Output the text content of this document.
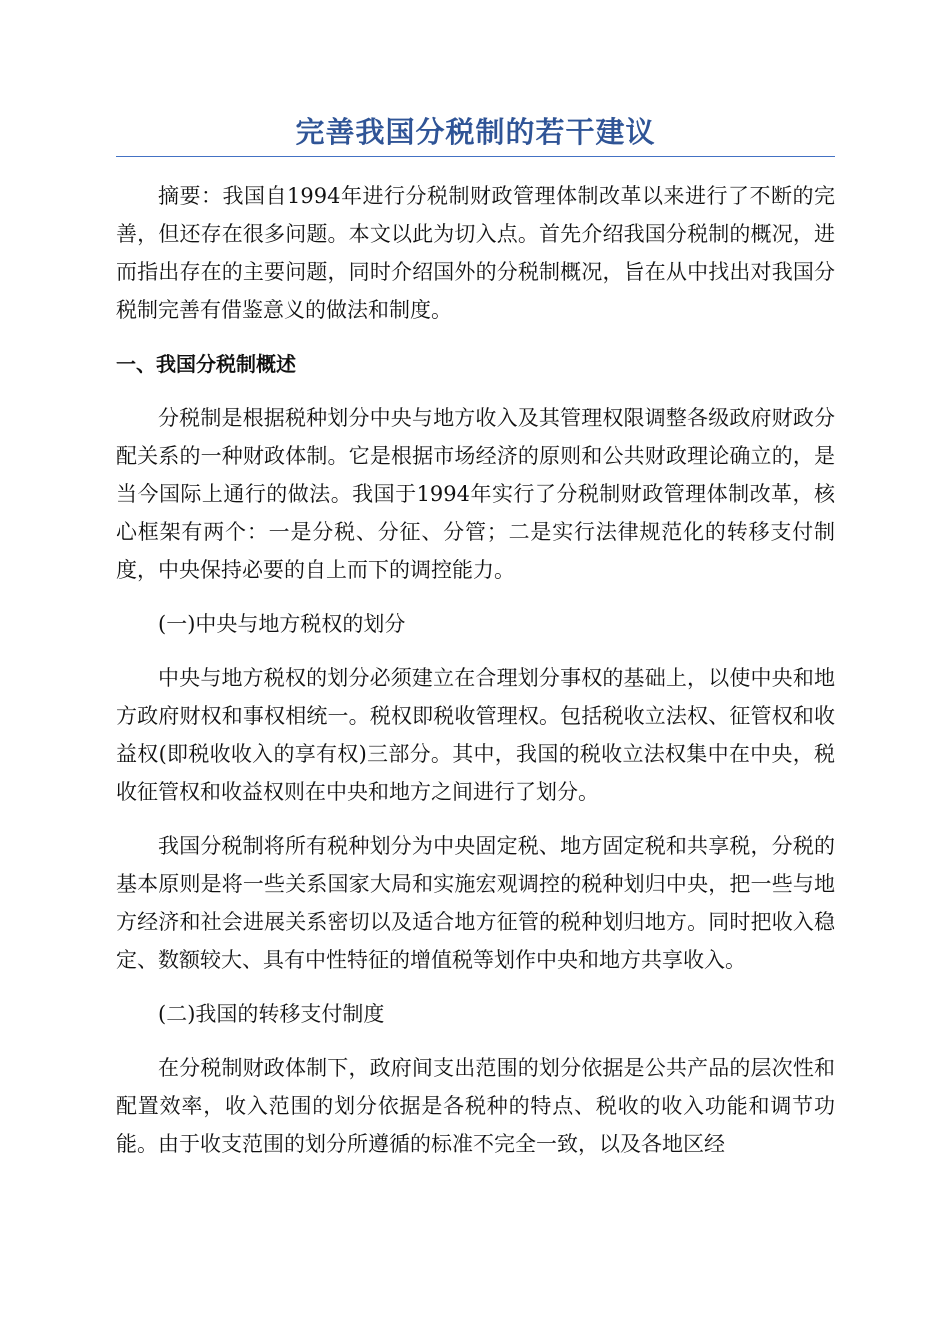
完善我国分税制的若干建议

摘要：我国自1994年进行分税制财政管理体制改革以来进行了不断的完善，但还存在很多问题。本文以此为切入点。首先介绍我国分税制的概况，进而指出存在的主要问题，同时介绍国外的分税制概况，旨在从中找出对我国分税制完善有借鉴意义的做法和制度。

一、我国分税制概述

分税制是根据税种划分中央与地方收入及其管理权限调整各级政府财政分配关系的一种财政体制。它是根据市场经济的原则和公共财政理论确立的，是当今国际上通行的做法。我国于1994年实行了分税制财政管理体制改革，核心框架有两个：一是分税、分征、分管；二是实行法律规范化的转移支付制度，中央保持必要的自上而下的调控能力。

(一)中央与地方税权的划分

中央与地方税权的划分必须建立在合理划分事权的基础上，以使中央和地方政府财权和事权相统一。税权即税收管理权。包括税收立法权、征管权和收益权(即税收收入的享有权)三部分。其中，我国的税收立法权集中在中央，税收征管权和收益权则在中央和地方之间进行了划分。

我国分税制将所有税种划分为中央固定税、地方固定税和共享税，分税的基本原则是将一些关系国家大局和实施宏观调控的税种划归中央，把一些与地方经济和社会进展关系密切以及适合地方征管的税种划归地方。同时把收入稳定、数额较大、具有中性特征的增值税等划作中央和地方共享收入。

(二)我国的转移支付制度

在分税制财政体制下，政府间支出范围的划分依据是公共产品的层次性和配置效率，收入范围的划分依据是各税种的特点、税收的收入功能和调节功能。由于收支范围的划分所遵循的标准不完全一致，以及各地区经
